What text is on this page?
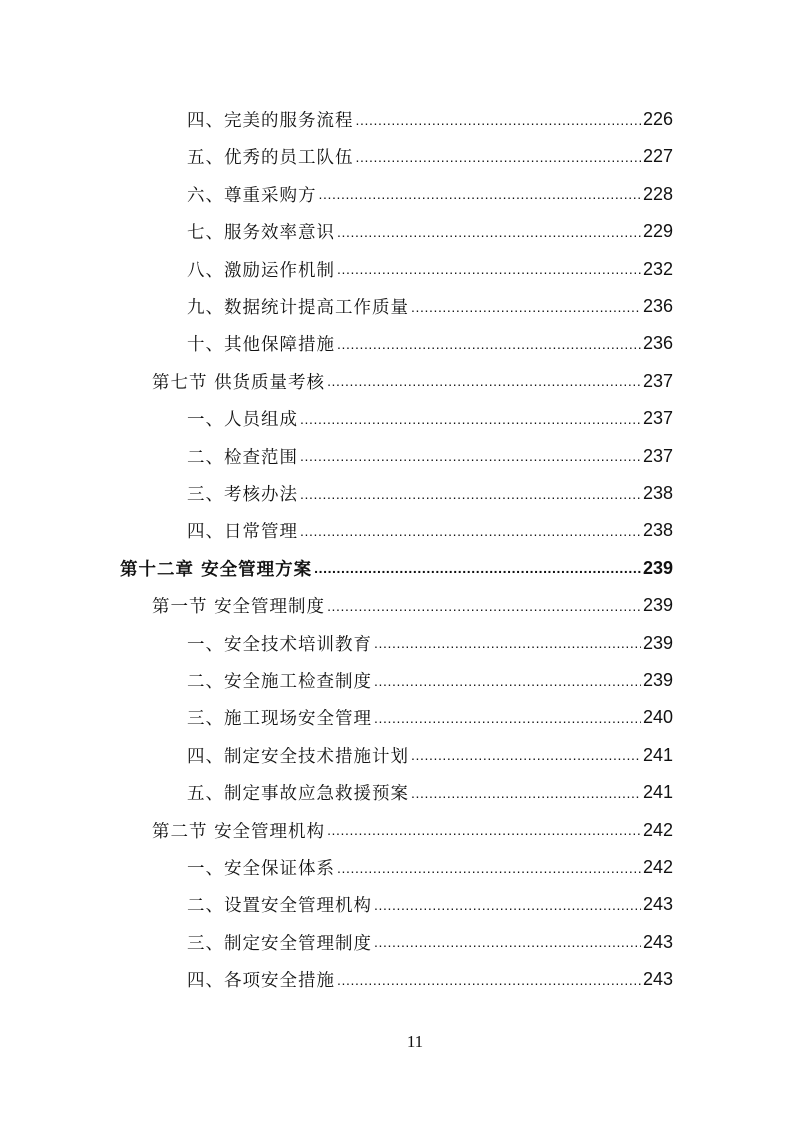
四、完美的服务流程 .....	226
五、优秀的员工队伍 .....	227
六、尊重采购方 .....	228
七、服务效率意识 .....	229
八、激励运作机制 .....	232
九、数据统计提高工作质量 .....	236
十、其他保障措施 .....	236
第七节 供货质量考核 .....	237
一、人员组成 .....	237
二、检查范围 .....	237
三、考核办法 .....	238
四、日常管理 .....	238
第十二章 安全管理方案 .....	239
第一节 安全管理制度 .....	239
一、安全技术培训教育 .....	239
二、安全施工检查制度 .....	239
三、施工现场安全管理 .....	240
四、制定安全技术措施计划 .....	241
五、制定事故应急救援预案 .....	241
第二节 安全管理机构 .....	242
一、安全保证体系 .....	242
二、设置安全管理机构 .....	243
三、制定安全管理制度 .....	243
四、各项安全措施 .....	243
11
